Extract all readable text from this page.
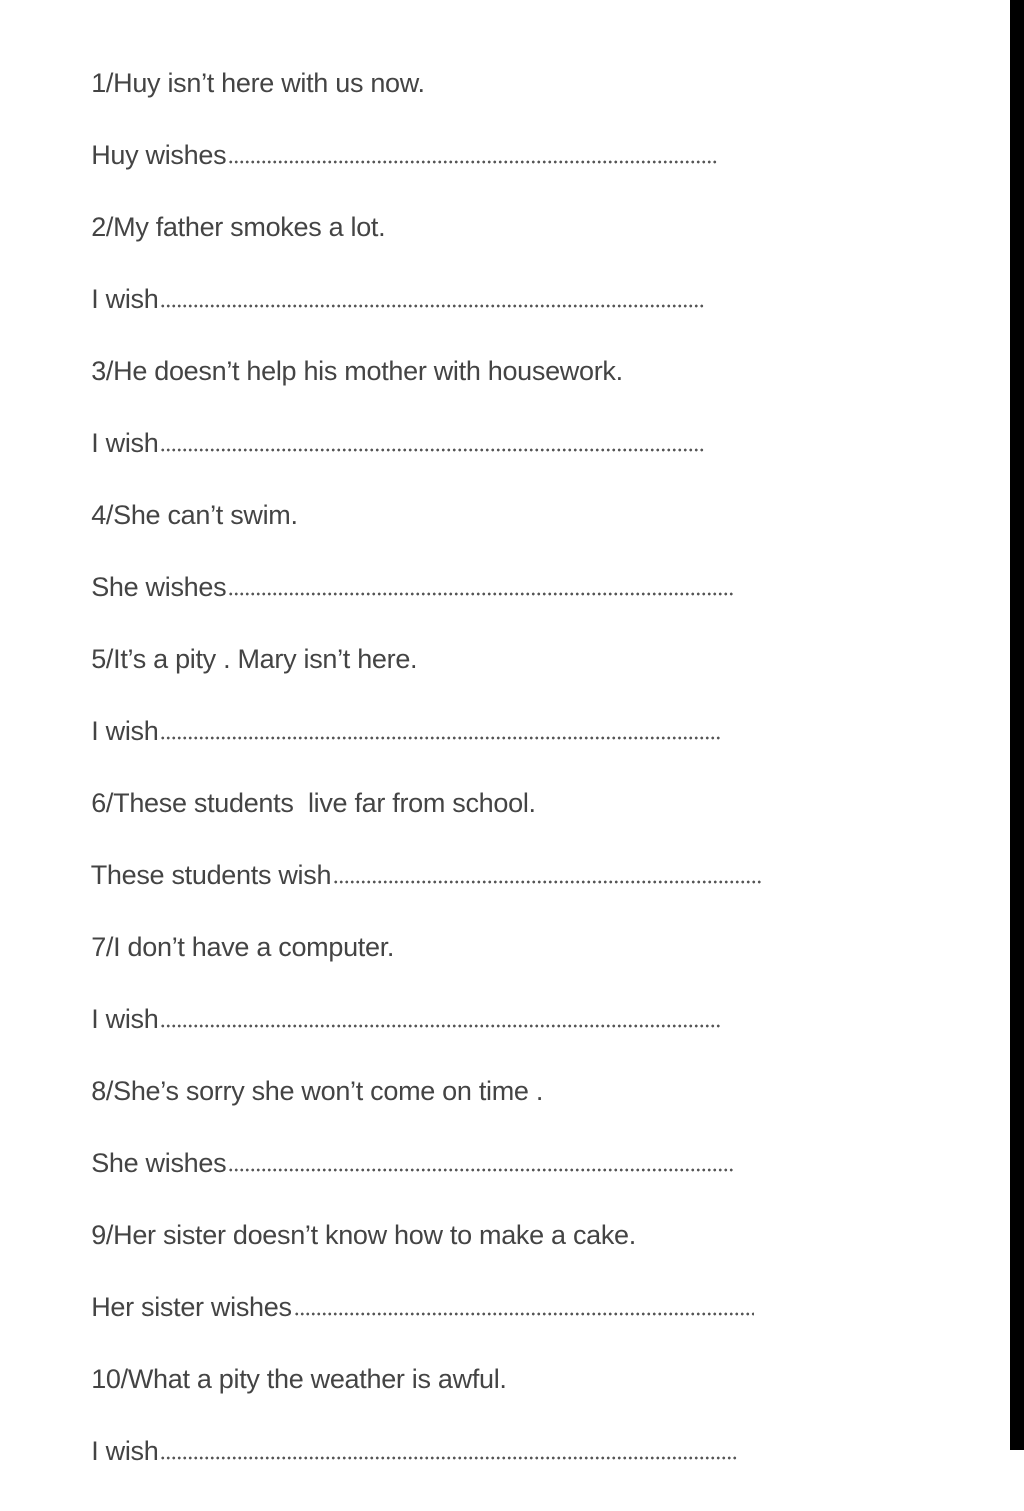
1/Huy isn’t here with us now.

Huy wishes

2/My father smokes a lot.

I wish

3/He doesn’t help his mother with housework.

I wish

4/She can’t swim.

She wishes

5/It’s a pity . Mary isn’t here.

I wish

6/These students  live far from school.

These students wish

7/I don’t have a computer.

I wish

8/She’s sorry she won’t come on time .

She wishes

9/Her sister doesn’t know how to make a cake.

Her sister wishes

10/What a pity the weather is awful.

I wish
